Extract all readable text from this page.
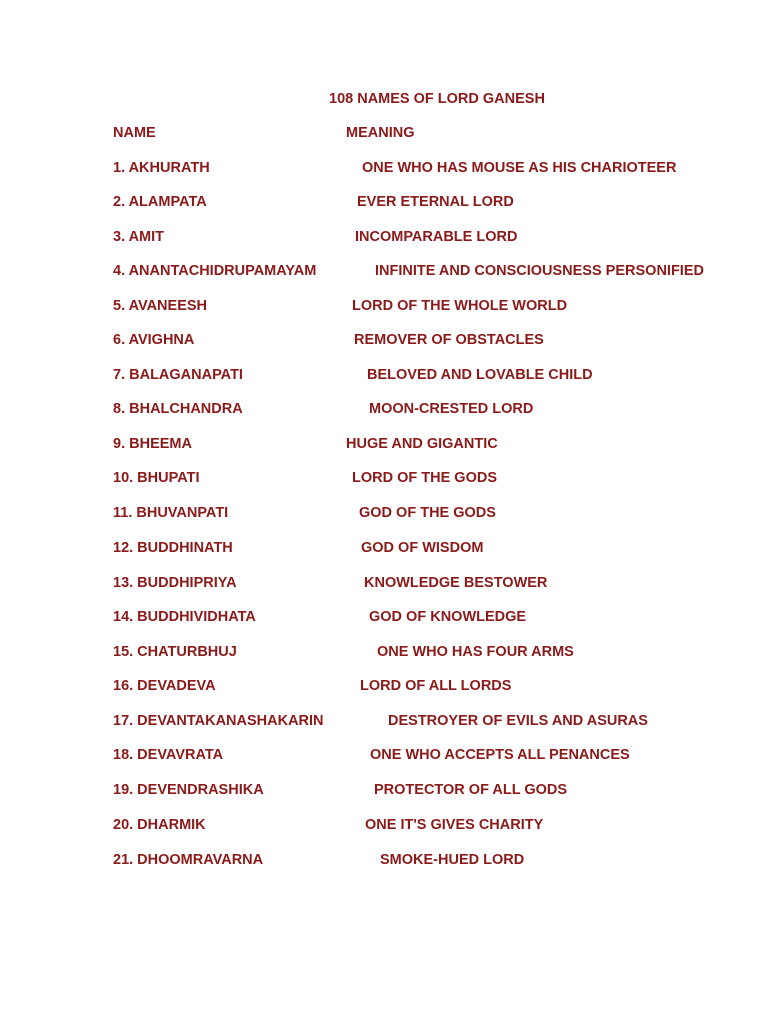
108 NAMES OF LORD GANESH
NAME	MEANING
1. AKHURATH	ONE WHO HAS MOUSE AS HIS CHARIOTEER
2. ALAMPATA	EVER ETERNAL LORD
3. AMIT	INCOMPARABLE LORD
4. ANANTACHIDRUPAMAYAM	INFINITE AND CONSCIOUSNESS PERSONIFIED
5. AVANEESH	LORD OF THE WHOLE WORLD
6. AVIGHNA	REMOVER OF OBSTACLES
7. BALAGANAPATI	BELOVED AND LOVABLE CHILD
8. BHALCHANDRA	MOON-CRESTED LORD
9. BHEEMA	HUGE AND GIGANTIC
10. BHUPATI	LORD OF THE GODS
11. BHUVANPATI	GOD OF THE GODS
12. BUDDHINATH	GOD OF WISDOM
13. BUDDHIPRIYA	KNOWLEDGE BESTOWER
14. BUDDHIVIDHATA	GOD OF KNOWLEDGE
15. CHATURBHUJ	ONE WHO HAS FOUR ARMS
16. DEVADEVA	LORD OF ALL LORDS
17. DEVANTAKANASHAKARIN	DESTROYER OF EVILS AND ASURAS
18. DEVAVRATA	ONE WHO ACCEPTS ALL PENANCES
19. DEVENDRASHIKA	PROTECTOR OF ALL GODS
20. DHARMIK	ONE IT'S GIVES CHARITY
21. DHOOMRAVARNA	SMOKE-HUED LORD
